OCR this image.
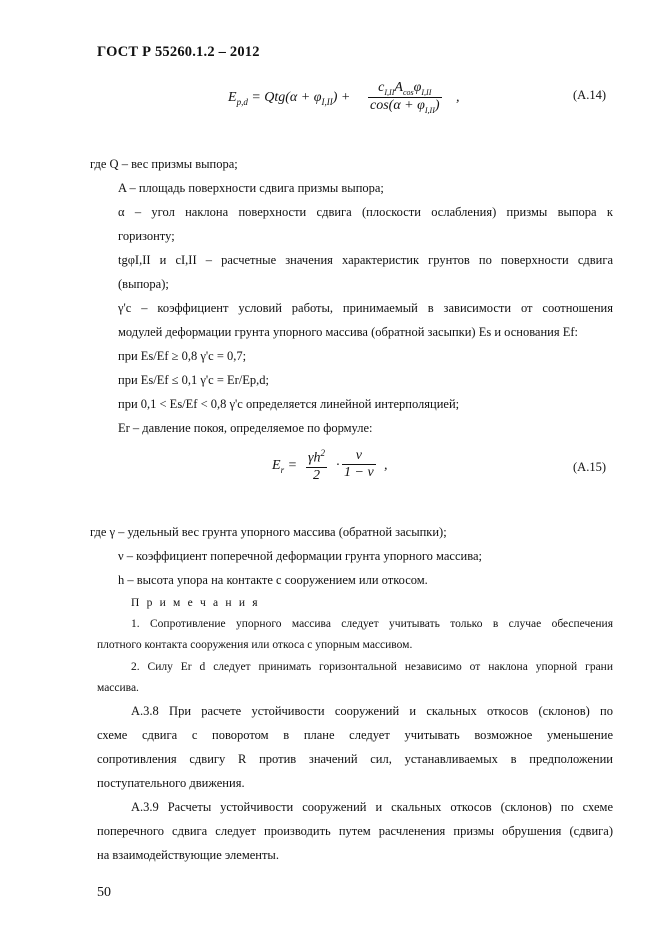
ГОСТ Р 55260.1.2 – 2012
$E_{p,d} = Qtg(\alpha + \varphi_{I,II})$ +
$c_{I,II}A_{cos}\varphi_{I,II}$
$\cos(\alpha + \varphi_{I,II})$
,	(А.14)
где Q – вес призмы выпора;
A – площадь поверхности сдвига призмы выпора;
α – угол наклона поверхности сдвига (плоскости ослабления) призмы выпора к
горизонту;
tgφI,II и cI,II – расчетные значения характеристик грунтов по поверхности сдвига
(выпора);
γ'c – коэффициент условий работы, принимаемый в зависимости от соотношения
модулей деформации грунта упорного массива (обратной засыпки) Es и основания Ef:
при Es/Ef ≥ 0,8 γ'c = 0,7;
при Es/Ef ≤ 0,1 γ'c = Er/Ep,d;
при 0,1 < Es/Ef < 0,8 γ'c определяется линейной интерполяцией;
Er – давление покоя, определяемое по формуле:
$E_r = \frac{\gamma h^2}{2} \cdot \frac{\nu}{1 - \nu}$ ,	(А.15)
где γ – удельный вес грунта упорного массива (обратной засыпки);
ν – коэффициент поперечной деформации грунта упорного массива;
h – высота упора на контакте с сооружением или откосом.
П р и м е ч а н и я
1. Сопротивление упорного массива следует учитывать только в случае обеспечения
плотного контакта сооружения или откоса с упорным массивом.
2. Силу Er d следует принимать горизонтальной независимо от наклона упорной грани
массива.
А.3.8 При расчете устойчивости сооружений и скальных откосов (склонов) по
схеме сдвига с поворотом в плане следует учитывать возможное уменьшение
сопротивления сдвигу R против значений сил, устанавливаемых в предположении
поступательного движения.
А.3.9 Расчеты устойчивости сооружений и скальных откосов (склонов) по схеме
поперечного сдвига следует производить путем расчленения призмы обрушения (сдвига)
на взаимодействующие элементы.
50
